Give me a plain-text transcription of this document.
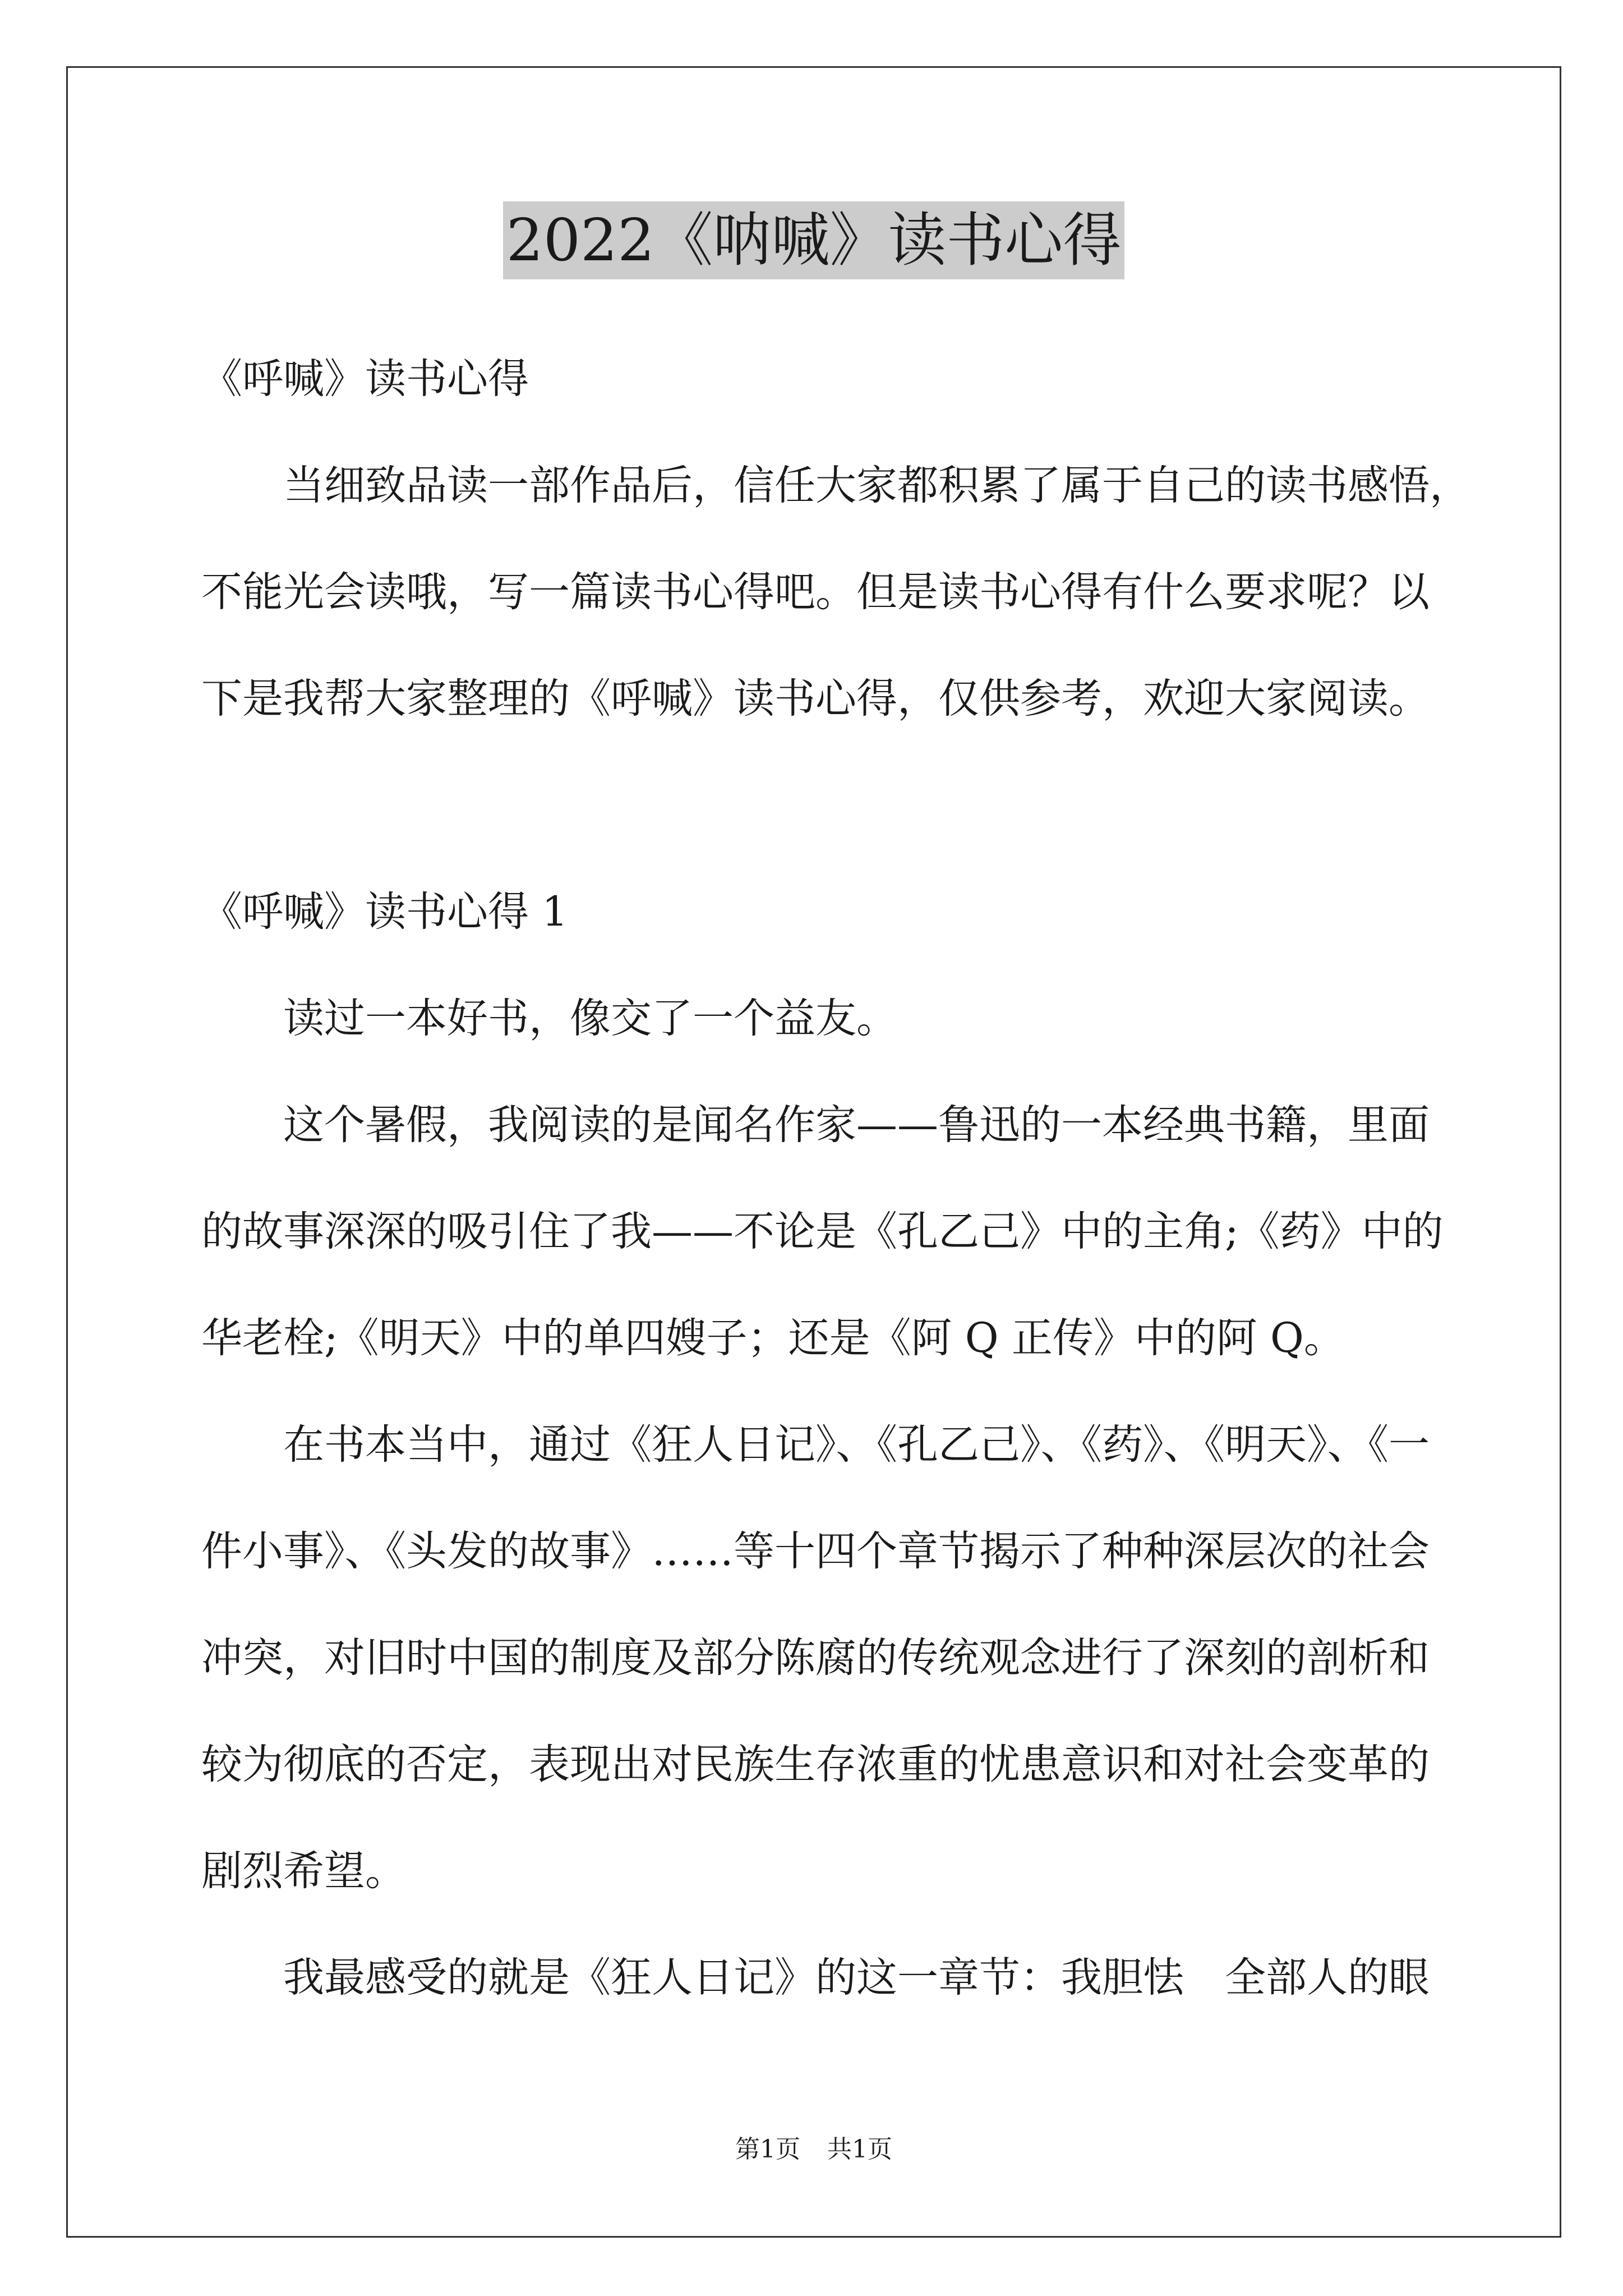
2022《呐喊》读书心得
《呼喊》读书心得
当细致品读一部作品后，信任大家都积累了属于自己的读书感悟，
不能光会读哦，写一篇读书心得吧。但是读书心得有什么要求呢？以
下是我帮大家整理的《呼喊》读书心得，仅供参考，欢迎大家阅读。
《呼喊》读书心得 1
读过一本好书，像交了一个益友。
这个暑假，我阅读的是闻名作家——鲁迅的一本经典书籍，里面
的故事深深的吸引住了我——不论是《孔乙己》中的主角;《药》中的
华老栓;《明天》中的单四嫂子；还是《阿 Q 正传》中的阿 Q。
在书本当中，通过《狂人日记》、《孔乙己》、《药》、《明天》、《一
件小事》、《头发的故事》……等十四个章节揭示了种种深层次的社会
冲突，对旧时中国的制度及部分陈腐的传统观念进行了深刻的剖析和
较为彻底的否定，表现出对民族生存浓重的忧患意识和对社会变革的
剧烈希望。
我最感受的就是《狂人日记》的这一章节：我胆怯　全部人的眼
第1页 共1页
